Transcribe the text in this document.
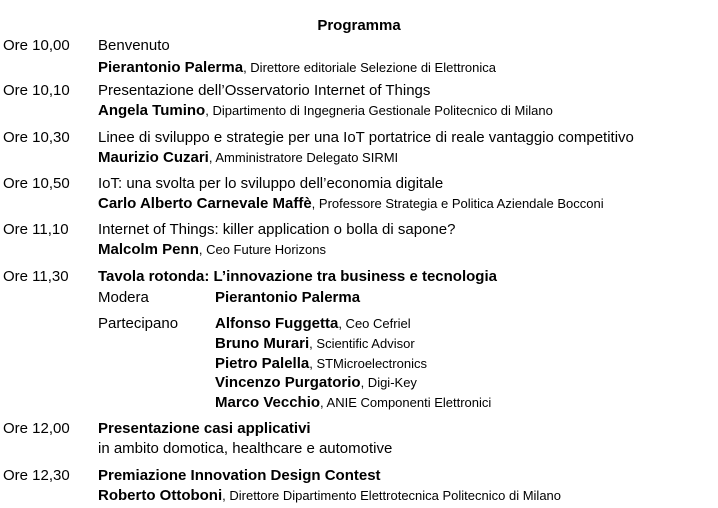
Programma
Ore 10,00 Benvenuto
Pierantonio Palerma, Direttore editoriale Selezione di Elettronica
Ore 10,10 Presentazione dell’Osservatorio Internet of Things
Angela Tumino, Dipartimento di Ingegneria Gestionale Politecnico di Milano
Ore 10,30 Linee di sviluppo e strategie per una IoT portatrice di reale vantaggio competitivo
Maurizio Cuzari, Amministratore Delegato SIRMI
Ore 10,50 IoT: una svolta per lo sviluppo dell’economia digitale
Carlo Alberto Carnevale Maffè, Professore Strategia e Politica Aziendale Bocconi
Ore 11,10 Internet of Things: killer application o bolla di sapone?
Malcolm Penn, Ceo Future Horizons
Ore 11,30 Tavola rotonda: L’innovazione tra business e tecnologia
Modera	Pierantonio Palerma
Partecipano Alfonso Fuggetta, Ceo Cefriel
Bruno Murari, Scientific Advisor
Pietro Palella, STMicroelectronics
Vincenzo Purgatorio, Digi-Key
Marco Vecchio, ANIE Componenti Elettronici
Ore 12,00 Presentazione casi applicativi
in ambito domotica, healthcare e automotive
Ore 12,30 Premiazione Innovation Design Contest
Roberto Ottoboni, Direttore Dipartimento Elettrotecnica Politecnico di Milano
